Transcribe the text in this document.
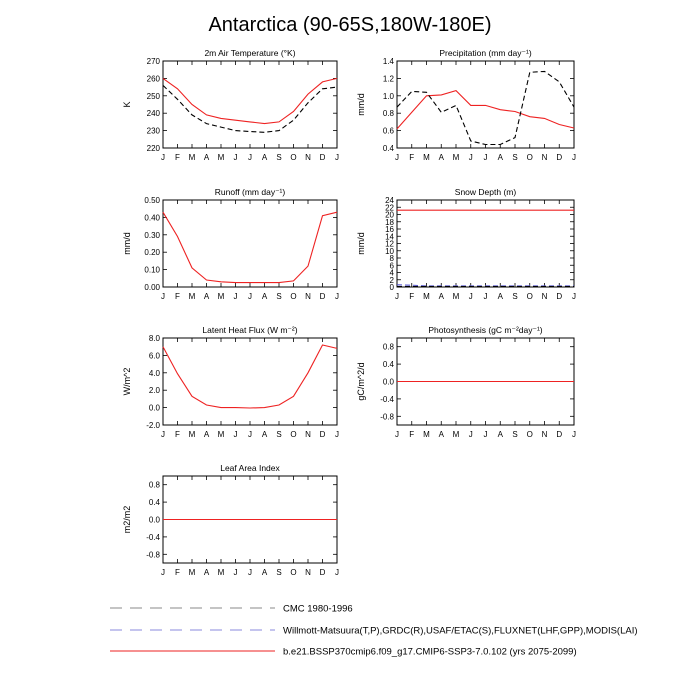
Antarctica (90-65S,180W-180E)
2m Air Temperature (°K)
K
J F M A M J J A S O N D J
220
230
240
250
260
270
Precipitation (mm day⁻¹)
mm/d
J F M A M J J A S O N D J
0.4
0.6
0.8
1.0
1.2
1.4
Runoff (mm day⁻¹)
mm/d
J F M A M J J A S O N D J
0.00
0.10
0.20
0.30
0.40
0.50
Snow Depth (m)
mm/d
J F M A M J J A S O N D J
0
2
4
6
8
10
12
14
16
18
20
22
24
Latent Heat Flux (W m⁻²)
W/m^2
J F M A M J J A S O N D J
-2.0
0.0
2.0
4.0
6.0
8.0
Photosynthesis (gC m⁻²day⁻¹)
gC/m^2/d
J F M A M J J A S O N D J
-0.8
-0.4
0.0
0.4
0.8
Leaf Area Index
m2/m2
J F M A M J J A S O N D J
-0.8
-0.4
0.0
0.4
0.8
CMC 1980-1996
Willmott-Matsuura(T,P),GRDC(R),USAF/ETAC(S),FLUXNET(LHF,GPP),MODIS(LAI)
b.e21.BSSP370cmip6.f09_g17.CMIP6-SSP3-7.0.102 (yrs 2075-2099)
